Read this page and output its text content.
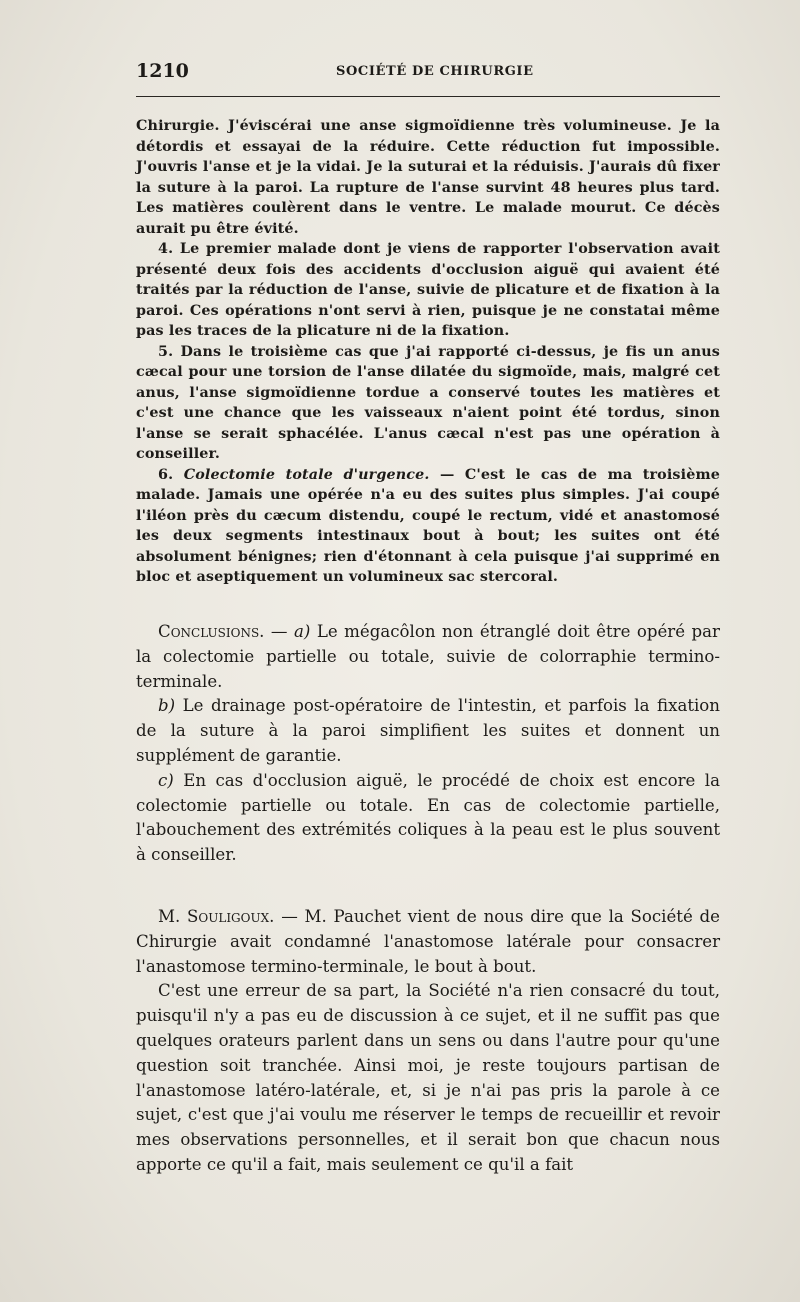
1210	SOCIÉTÉ DE CHIRURGIE

Chirurgie. J'éviscérai une anse sigmoïdienne très volumineuse. Je la détordis et essayai de la réduire. Cette réduction fut impossible. J'ouvris l'anse et je la vidai. Je la suturai et la réduisis. J'aurais dû fixer la suture à la paroi. La rupture de l'anse survint 48 heures plus tard. Les matières coulèrent dans le ventre. Le malade mourut. Ce décès aurait pu être évité.

4. Le premier malade dont je viens de rapporter l'observation avait présenté deux fois des accidents d'occlusion aiguë qui avaient été traités par la réduction de l'anse, suivie de plicature et de fixation à la paroi. Ces opérations n'ont servi à rien, puisque je ne constatai même pas les traces de la plicature ni de la fixation.

5. Dans le troisième cas que j'ai rapporté ci-dessus, je fis un anus cæcal pour une torsion de l'anse dilatée du sigmoïde, mais, malgré cet anus, l'anse sigmoïdienne tordue a conservé toutes les matières et c'est une chance que les vaisseaux n'aient point été tordus, sinon l'anse se serait sphacélée. L'anus cæcal n'est pas une opération à conseiller.

6. Colectomie totale d'urgence. — C'est le cas de ma troisième malade. Jamais une opérée n'a eu des suites plus simples. J'ai coupé l'iléon près du cæcum distendu, coupé le rectum, vidé et anastomosé les deux segments intestinaux bout à bout; les suites ont été absolument bénignes; rien d'étonnant à cela puisque j'ai supprimé en bloc et aseptiquement un volumineux sac stercoral.

Conclusions. — a) Le mégacôlon non étranglé doit être opéré par la colectomie partielle ou totale, suivie de colorraphie termino-terminale.

b) Le drainage post-opératoire de l'intestin, et parfois la fixation de la suture à la paroi simplifient les suites et donnent un supplément de garantie.

c) En cas d'occlusion aiguë, le procédé de choix est encore la colectomie partielle ou totale. En cas de colectomie partielle, l'abouchement des extrémités coliques à la peau est le plus souvent à conseiller.

M. Souligoux. — M. Pauchet vient de nous dire que la Société de Chirurgie avait condamné l'anastomose latérale pour consacrer l'anastomose termino-terminale, le bout à bout.

C'est une erreur de sa part, la Société n'a rien consacré du tout, puisqu'il n'y a pas eu de discussion à ce sujet, et il ne suffit pas que quelques orateurs parlent dans un sens ou dans l'autre pour qu'une question soit tranchée. Ainsi moi, je reste toujours partisan de l'anastomose latéro-latérale, et, si je n'ai pas pris la parole à ce sujet, c'est que j'ai voulu me réserver le temps de recueillir et revoir mes observations personnelles, et il serait bon que chacun nous apporte ce qu'il a fait, mais seulement ce qu'il a fait
